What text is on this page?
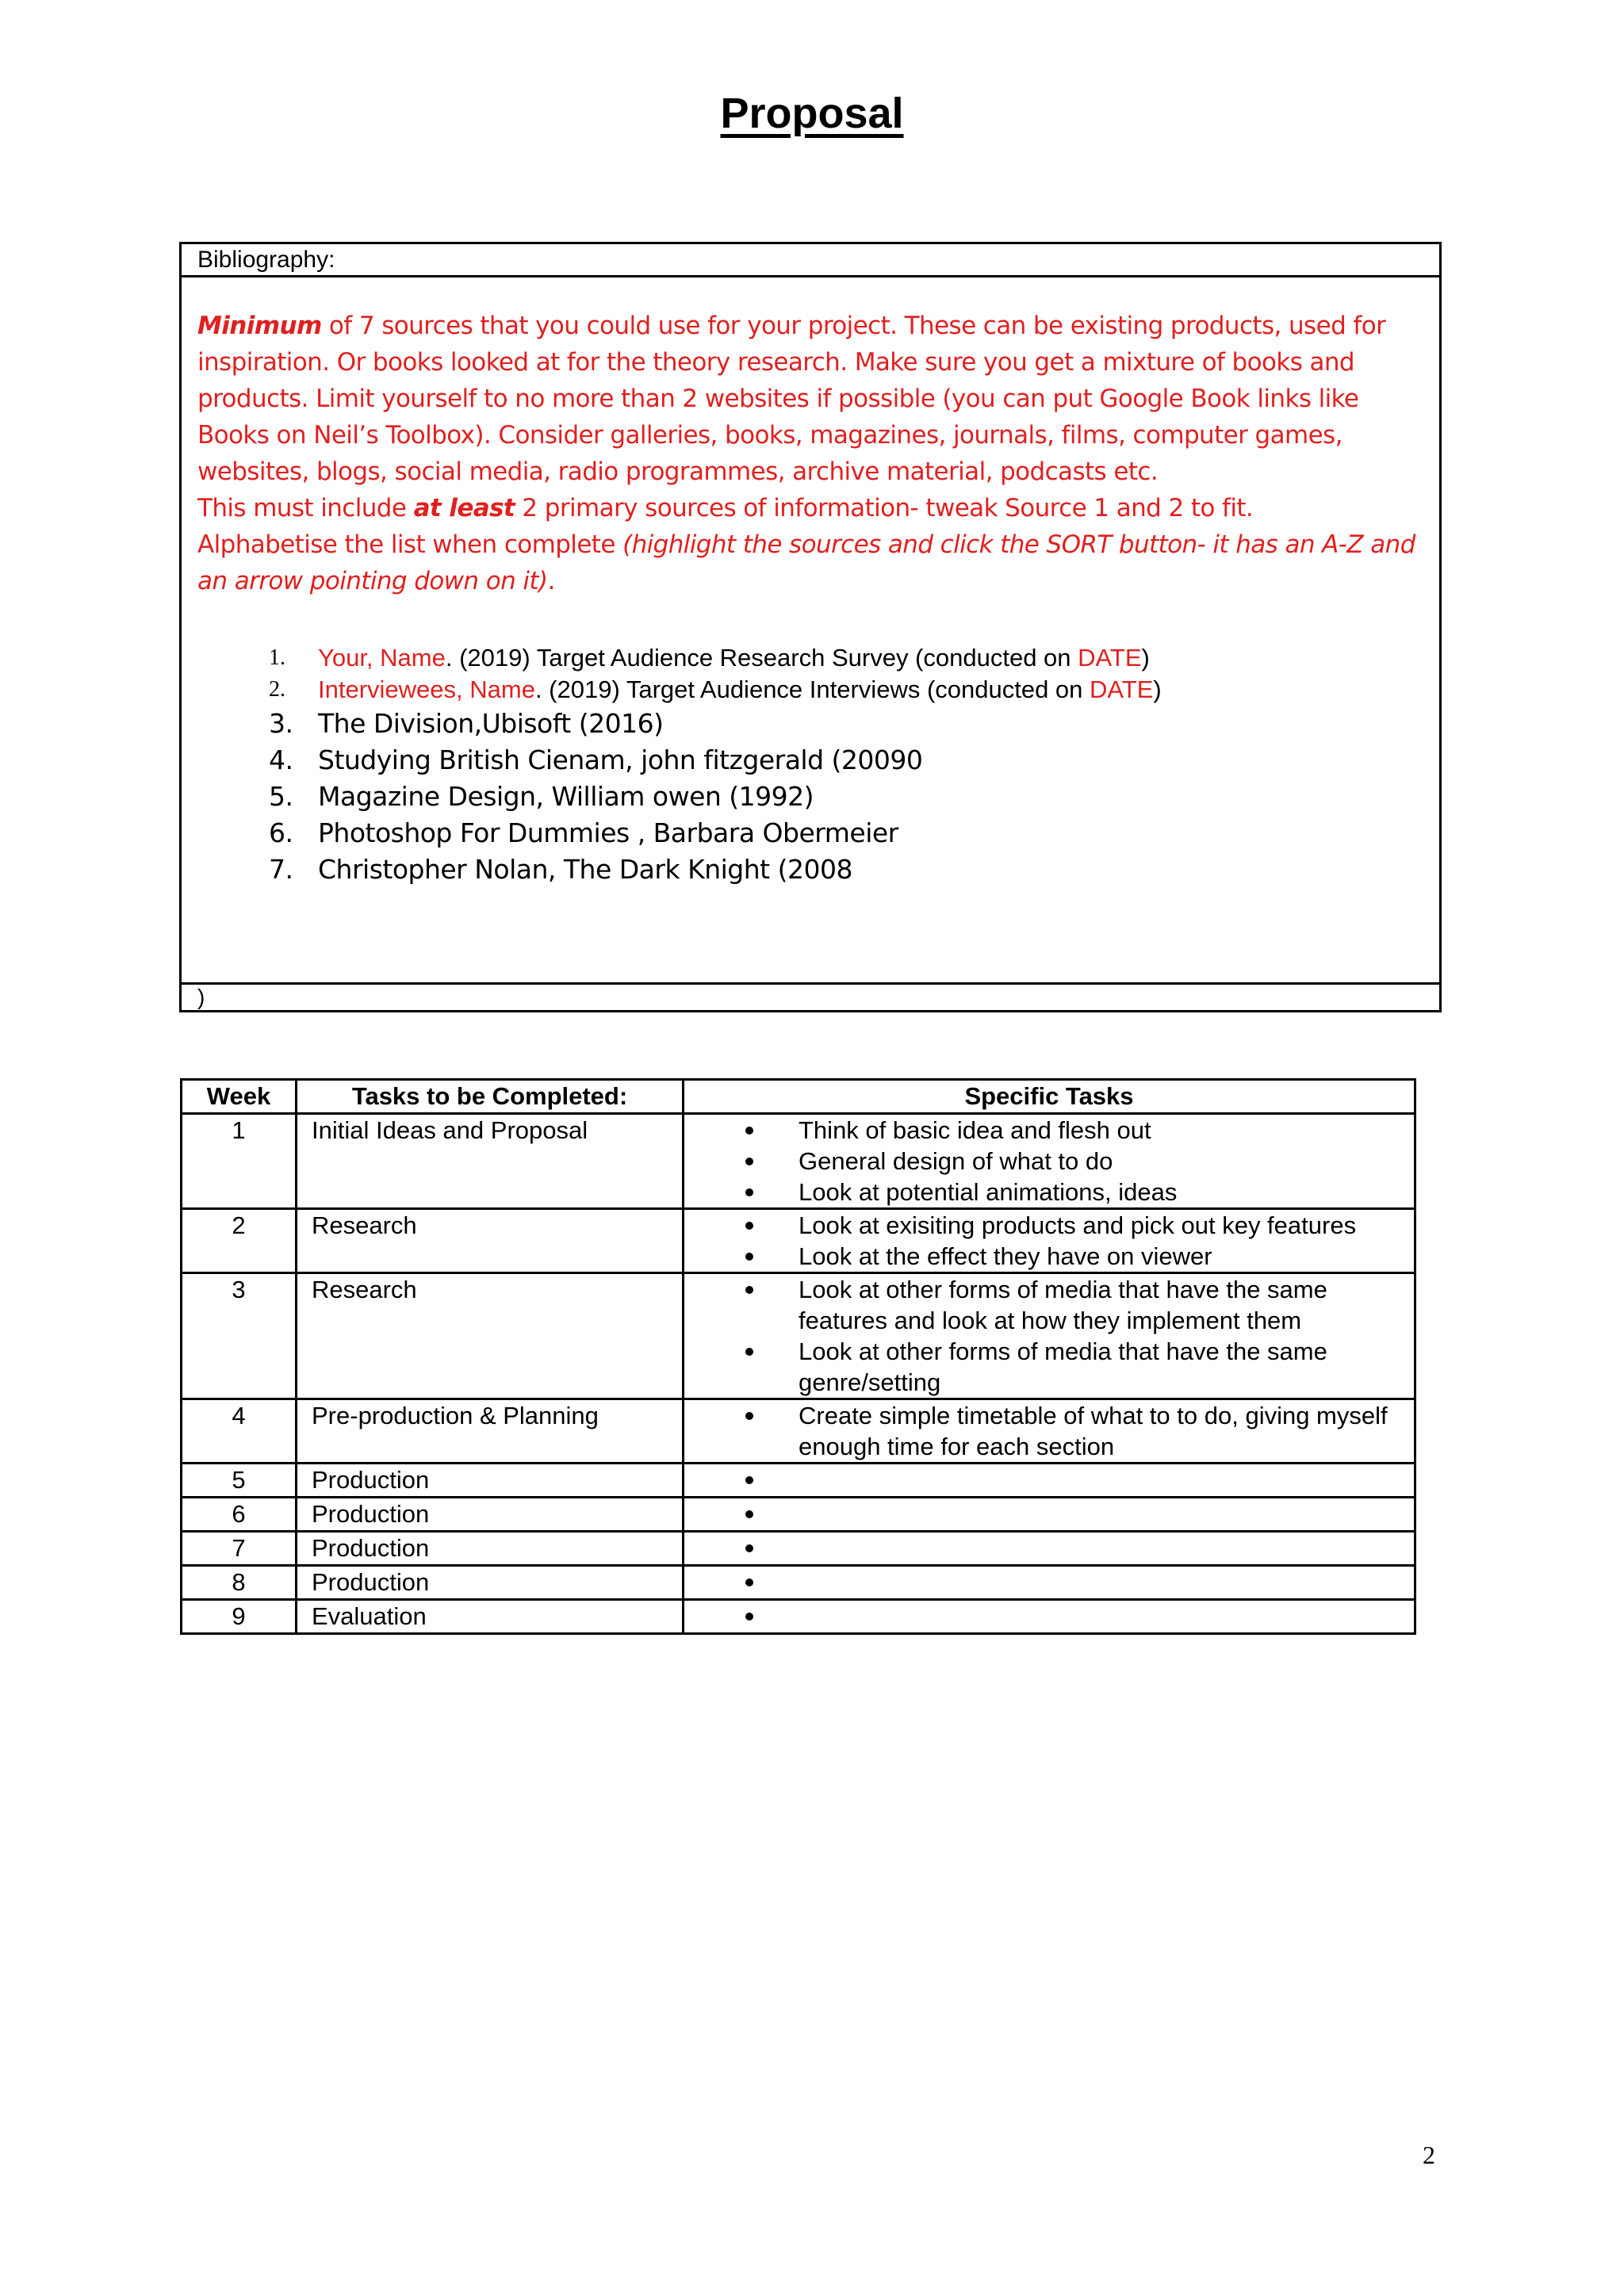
Proposal
Bibliography:
Minimum of 7 sources that you could use for your project. These can be existing products, used for inspiration. Or books looked at for the theory research. Make sure you get a mixture of books and products. Limit yourself to no more than 2 websites if possible (you can put Google Book links like Books on Neil’s Toolbox). Consider galleries, books, magazines, journals, films, computer games, websites, blogs, social media, radio programmes, archive material, podcasts etc.
This must include at least 2 primary sources of information- tweak Source 1 and 2 to fit.
Alphabetise the list when complete (highlight the sources and click the SORT button- it has an A-Z and an arrow pointing down on it).
1.	Your, Name. (2019) Target Audience Research Survey (conducted on DATE)
2.	Interviewees, Name. (2019) Target Audience Interviews (conducted on DATE)
3. The Division,Ubisoft (2016)
4. Studying British Cienam, john fitzgerald (20090
5. Magazine Design, William owen (1992)
6. Photoshop For Dummies , Barbara Obermeier
7. Christopher Nolan, The Dark Knight (2008
)
Week	Tasks to be Completed:	Specific Tasks
1	Initial Ideas and Proposal	Think of basic idea and flesh out
General design of what to do
Look at potential animations, ideas

2	Research	Look at exisiting products and pick out key features
Look at the effect they have on viewer

3	Research	Look at other forms of media that have the same features and look at how they implement them
Look at other forms of media that have the same genre/setting

4	Pre-production & Planning	Create simple timetable of what to to do, giving myself enough time for each section

5	Production	

6	Production	

7	Production	

8	Production	

9	Evaluation	

2
